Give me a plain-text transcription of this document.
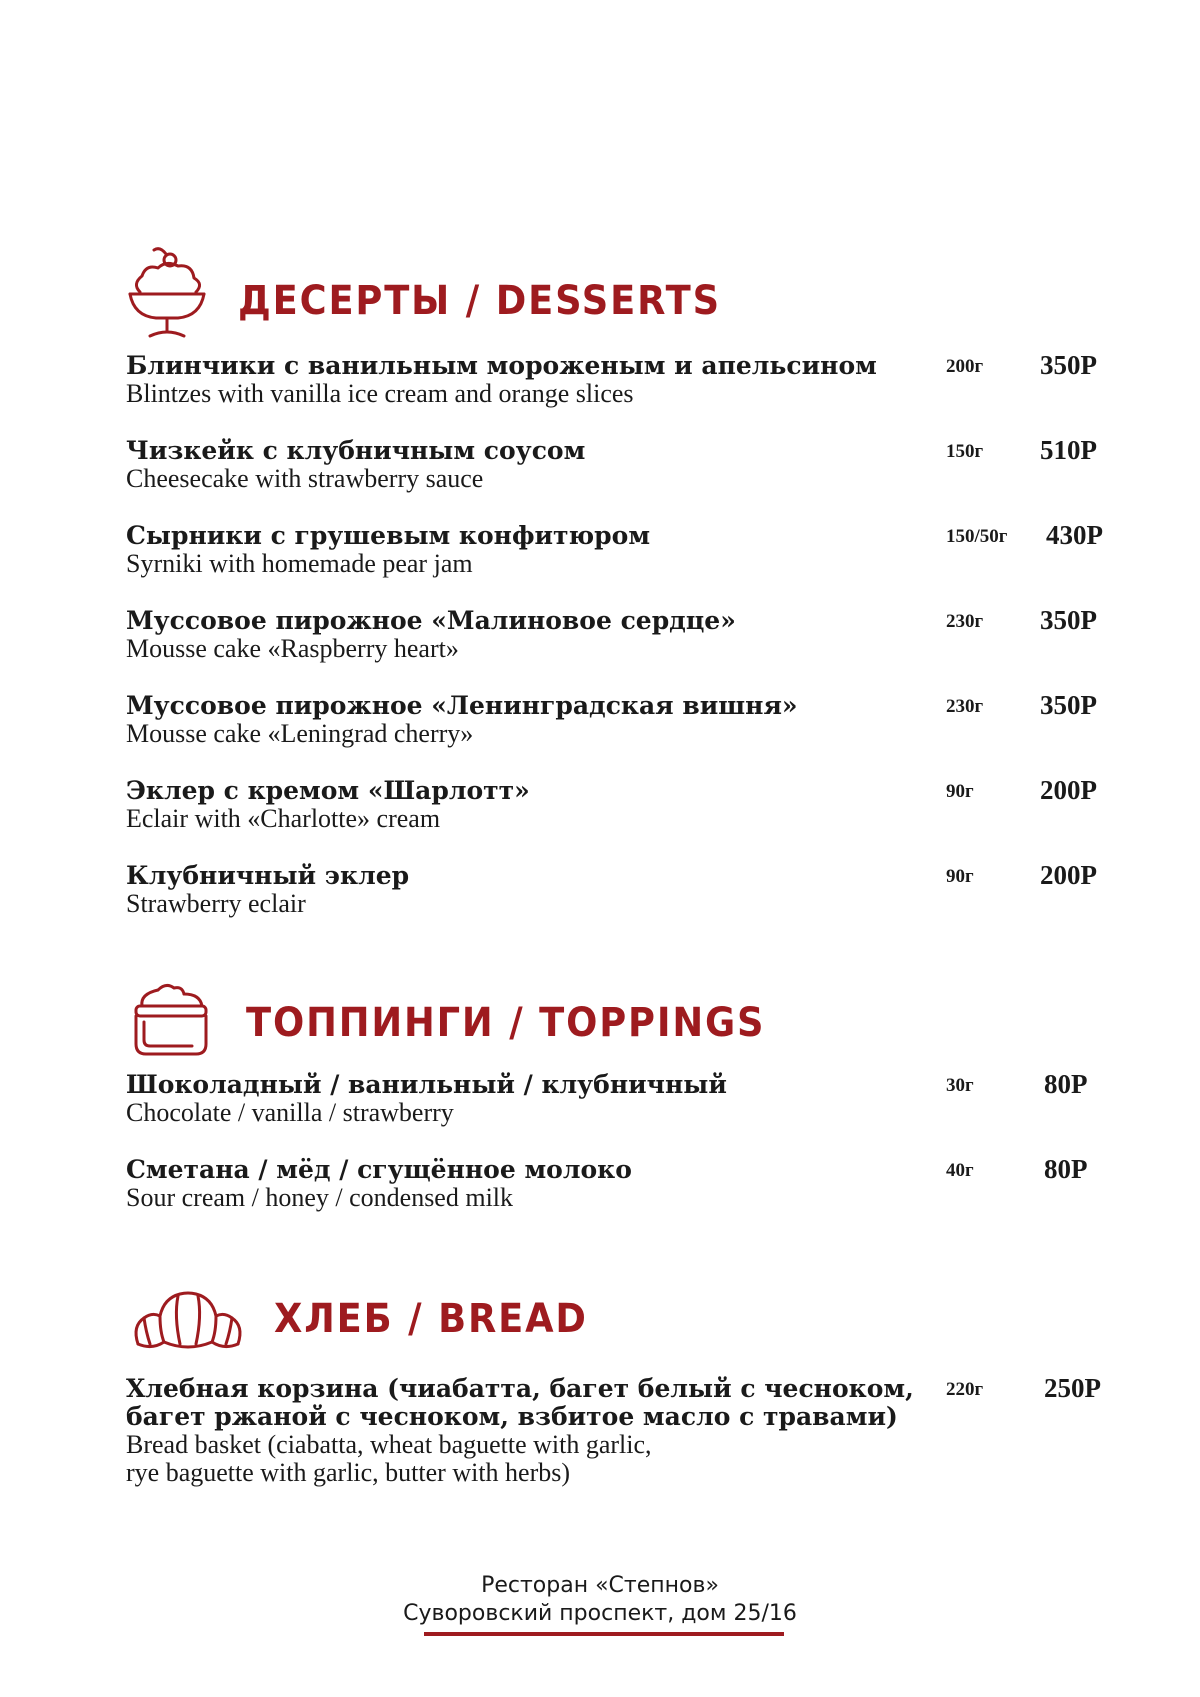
ДЕСЕРТЫ / DESSERTS
Блинчики с ванильным мороженым и апельсином
Blintzes with vanilla ice cream and orange slices
200г 350Р
Чизкейк с клубничным соусом
Cheesecake with strawberry sauce
150г 510Р
Сырники с грушевым конфитюром
Syrniki with homemade pear jam
150/50г 430Р
Муссовое пирожное «Малиновое сердце»
Mousse cake «Raspberry heart»
230г 350Р
Муссовое пирожное «Ленинградская вишня»
Mousse cake «Leningrad cherry»
230г 350Р
Эклер с кремом «Шарлотт»
Eclair with «Charlotte» cream
90г 200Р
Клубничный эклер
Strawberry eclair
90г 200Р
ТОППИНГИ / TOPPINGS
Шоколадный / ванильный / клубничный
Chocolate / vanilla / strawberry
30г	80Р
Сметана / мёд / сгущённое молоко
Sour cream / honey / condensed milk
40г	80Р
ХЛЕБ / BREAD
Хлебная корзина (чиабатта, багет белый с чесноком,
багет ржаной с чесноком, взбитое масло с травами)
Bread basket (ciabatta, wheat baguette with garlic,
rye baguette with garlic, butter with herbs)
220г 250Р
Ресторан «Степнов»
Суворовский проспект, дом 25/16
